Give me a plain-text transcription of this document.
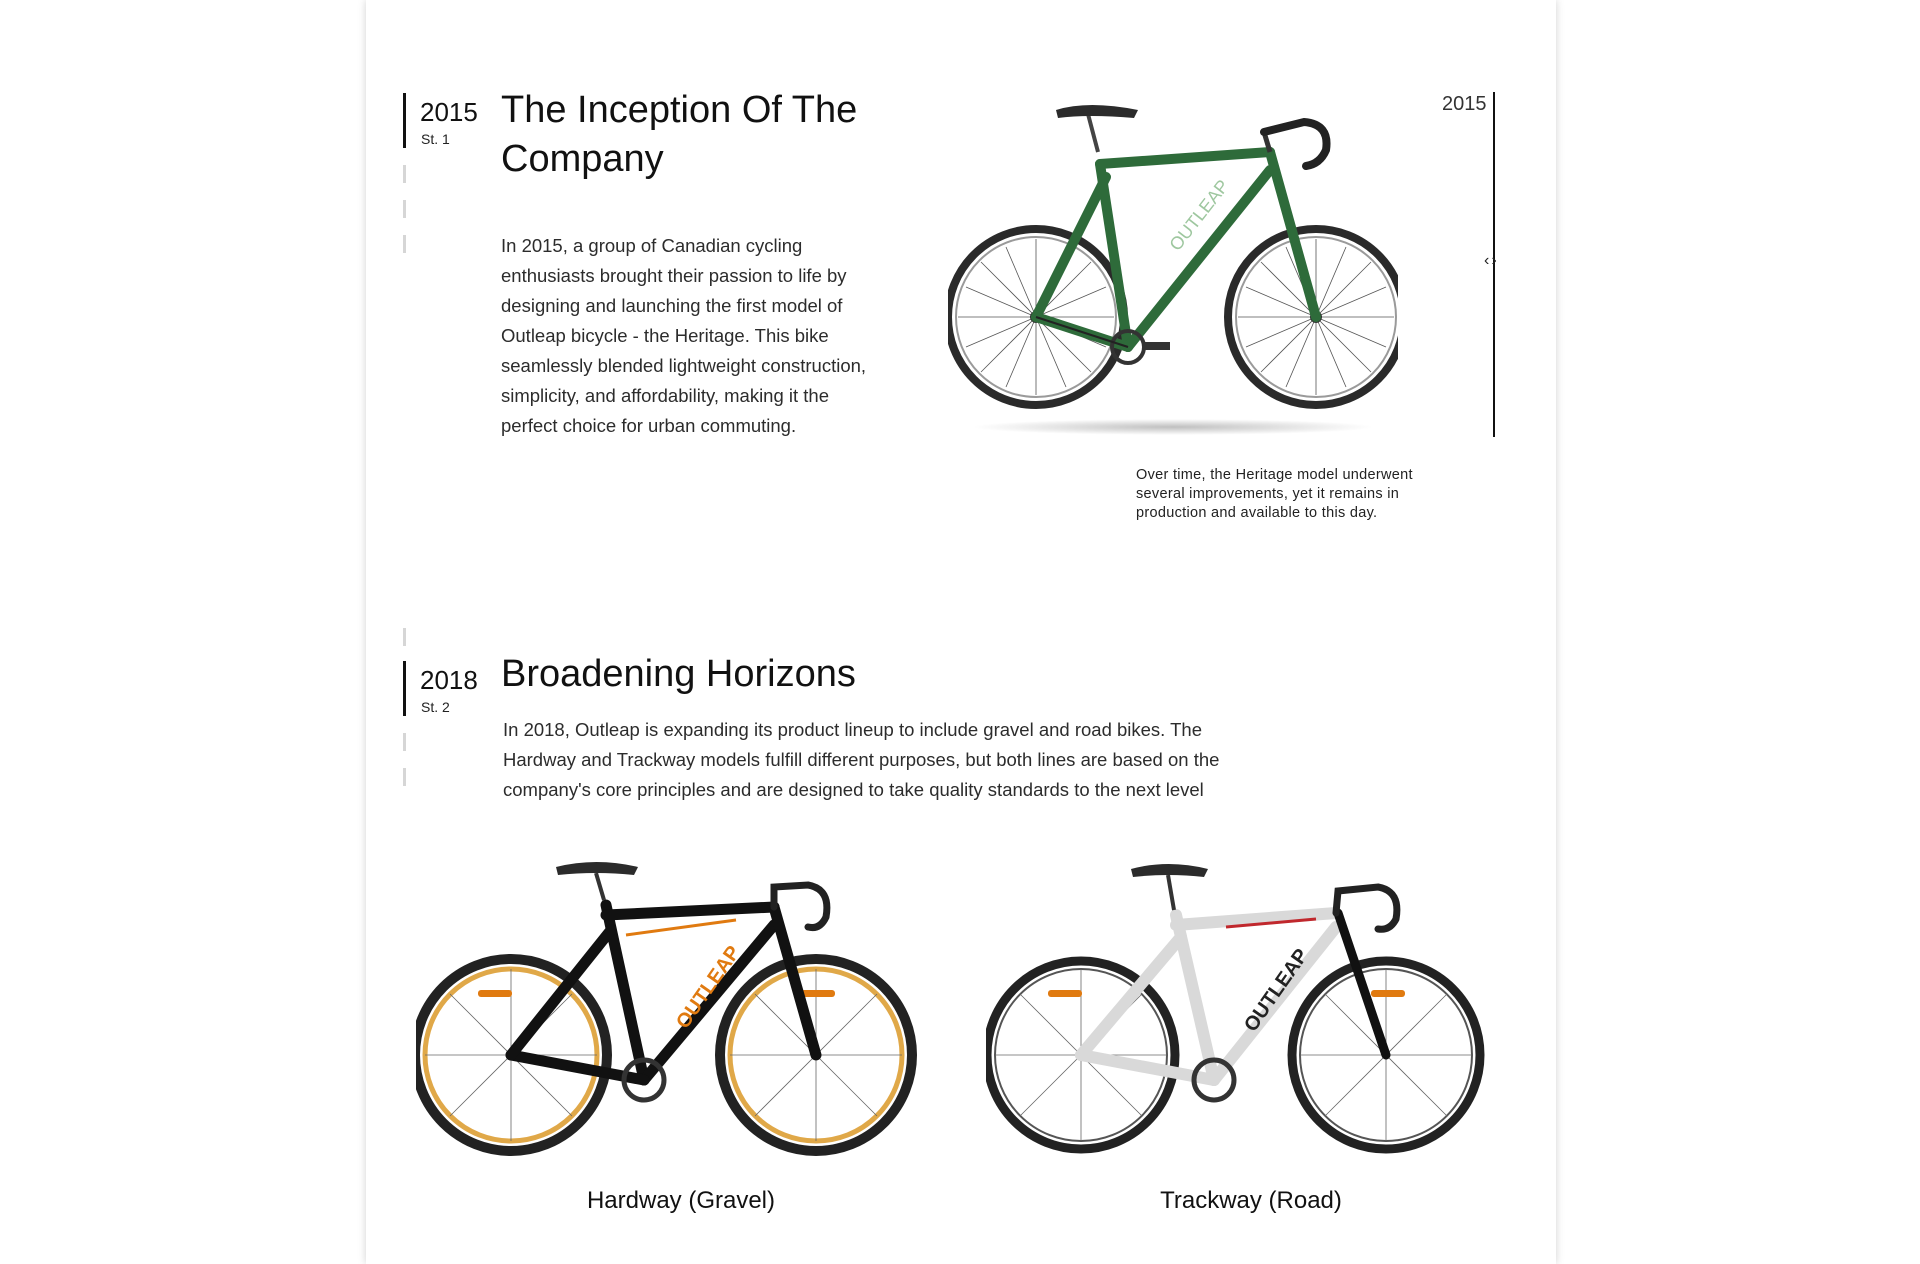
2015
St. 1
The Inception Of The
Company
In 2015, a group of Canadian cycling
enthusiasts brought their passion to life by
designing and launching the first model of
Outleap bicycle - the Heritage. This bike
seamlessly blended lightweight construction,
simplicity, and affordability, making it the
perfect choice for urban commuting.
OUTLEAP
2015
‹›
Over time, the Heritage model underwent
several improvements, yet it remains in
production and available to this day.
2018
St. 2
Broadening Horizons
In 2018, Outleap is expanding its product lineup to include gravel and road bikes. The
Hardway and Trackway models fulfill different purposes, but both lines are based on the
company's core principles and are designed to take quality standards to the next level
OUTLEAP
Hardway (Gravel)
OUTLEAP
Trackway (Road)
